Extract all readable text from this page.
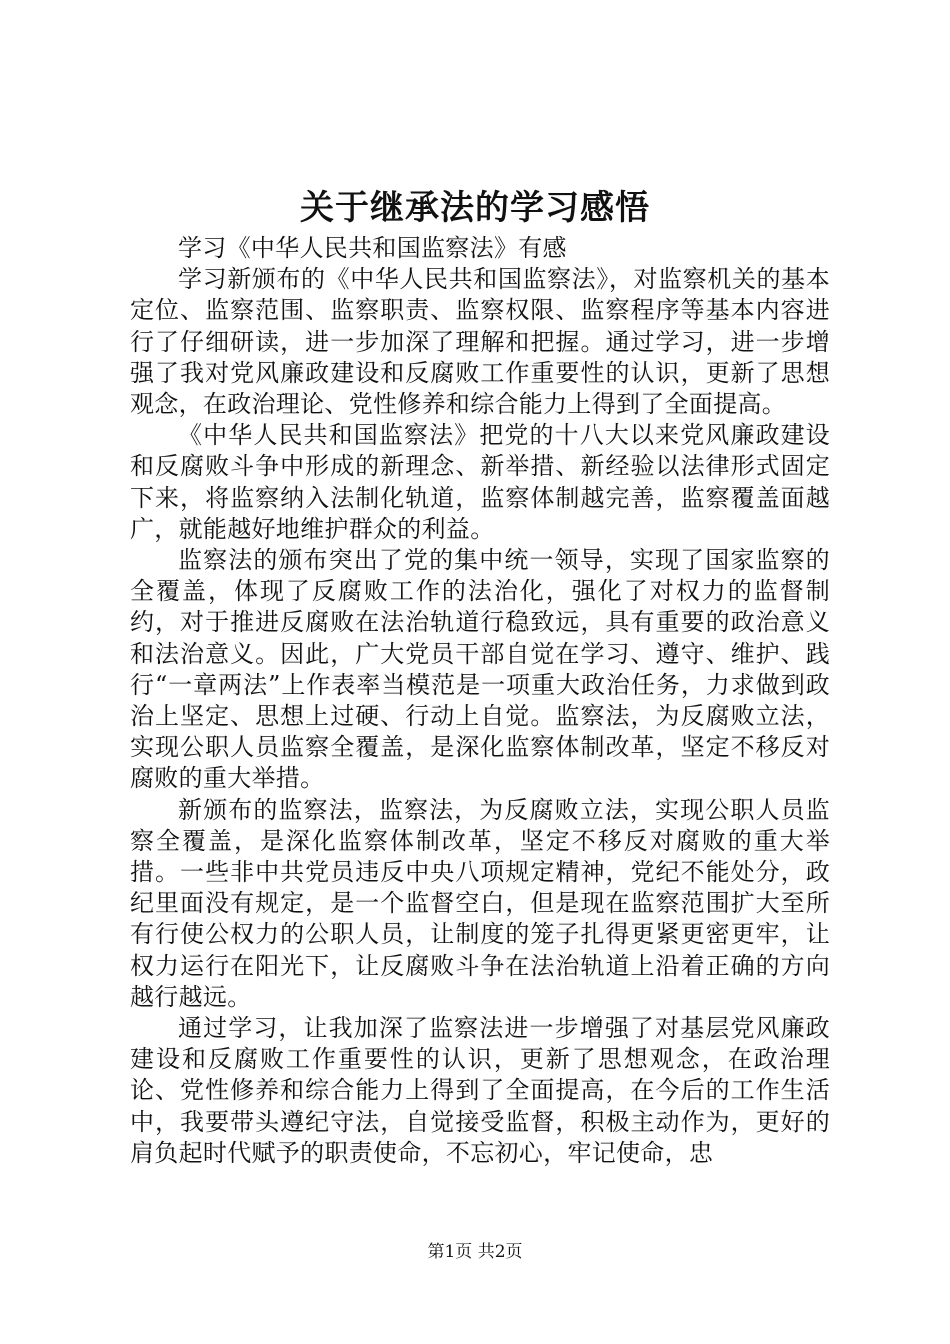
关于继承法的学习感悟

学习《中华人民共和国监察法》有感

学习新颁布的《中华人民共和国监察法》，对监察机关的基本定位、监察范围、监察职责、监察权限、监察程序等基本内容进行了仔细研读，进一步加深了理解和把握。通过学习，进一步增强了我对党风廉政建设和反腐败工作重要性的认识，更新了思想观念，在政治理论、党性修养和综合能力上得到了全面提高。

《中华人民共和国监察法》把党的十八大以来党风廉政建设和反腐败斗争中形成的新理念、新举措、新经验以法律形式固定下来，将监察纳入法制化轨道，监察体制越完善，监察覆盖面越广，就能越好地维护群众的利益。

监察法的颁布突出了党的集中统一领导，实现了国家监察的全覆盖，体现了反腐败工作的法治化，强化了对权力的监督制约，对于推进反腐败在法治轨道行稳致远，具有重要的政治意义和法治意义。因此，广大党员干部自觉在学习、遵守、维护、践行“一章两法”上作表率当模范是一项重大政治任务，力求做到政治上坚定、思想上过硬、行动上自觉。监察法，为反腐败立法，实现公职人员监察全覆盖，是深化监察体制改革，坚定不移反对腐败的重大举措。

新颁布的监察法，监察法，为反腐败立法，实现公职人员监察全覆盖，是深化监察体制改革，坚定不移反对腐败的重大举措。一些非中共党员违反中央八项规定精神，党纪不能处分，政纪里面没有规定，是一个监督空白，但是现在监察范围扩大至所有行使公权力的公职人员，让制度的笼子扎得更紧更密更牢，让权力运行在阳光下，让反腐败斗争在法治轨道上沿着正确的方向越行越远。

通过学习，让我加深了监察法进一步增强了对基层党风廉政建设和反腐败工作重要性的认识，更新了思想观念，在政治理论、党性修养和综合能力上得到了全面提高，在今后的工作生活中，我要带头遵纪守法，自觉接受监督，积极主动作为，更好的肩负起时代赋予的职责使命，不忘初心，牢记使命，忠

第1页 共2页
